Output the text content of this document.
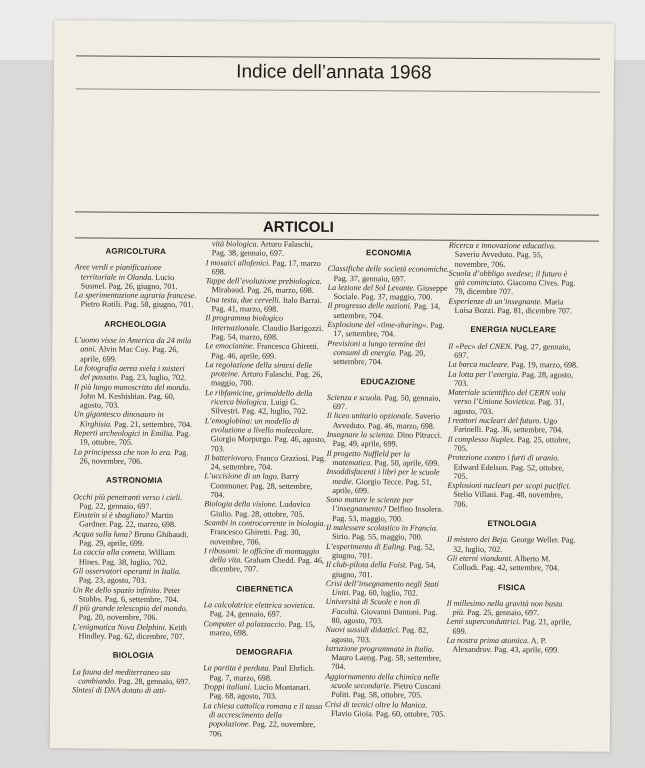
Indice dell’annata 1968
ARTICOLI
AGRICOLTURA

Aree verdi e pianificazione territoriale in Olanda. Lucio Susmel. Pag. 26, giugno, 701.

La sperimentazione agraria francese. Pietro Rotili. Pag. 58, giugno, 701.

ARCHEOLOGIA

L’uomo visse in America da 24 mila anni. Alvin Mac Coy. Pag. 26, aprile, 699.

La fotografia aerea svela i misteri del passato. Pag. 23, luglio, 702.

Il più lungo manoscritto del mondo. John M. Keshishian. Pag. 60, agosto, 703.

Un gigantesco dinosauro in Kirghisia. Pag. 21, settembre, 704.

Reperti archeologici in Emilia. Pag. 19, ottobre, 705.

La principessa che non lo era. Pag. 26, novembre, 706.

ASTRONOMIA

Occhi più penetranti verso i cieli. Pag. 22, gennaio, 697.

Einstein si è sbagliato? Martin Gardner. Pag. 22, marzo, 698.

Acqua sulla luna? Bruno Ghibaudi. Pag. 29, aprile, 699.

La caccia alla cometa. William Hines. Pag. 38, luglio, 702.

Gli osservatori operanti in Italia. Pag. 23, agosto, 703.

Un Re dello spazio infinito. Peter Stubbs. Pag. 6, settembre, 704.

Il più grande telescopio del mondo. Pag. 20, novembre, 706.

L’enigmatica Nova Delphini. Keith Hindley. Pag. 62, dicembre, 707.

BIOLOGIA

La fauna del mediterraneo sta cambiando. Pag. 28, gennaio, 697.

Sintesi di DNA dotato di atti-

vità biologica. Arturo Falaschi, Pag. 38, gennaio, 697.

I mosaici allofenici. Pag. 17, marzo 698.

Tappe dell’evoluzione prebiologica. Mirabaud. Pag. 26, marzo, 698.

Una testa, due cervelli. Italo Barrai. Pag. 41, marzo, 698.

Il programma biologico internazionale. Claudio Barigozzi. Pag. 54, marzo, 698.

Le emocianine. Francesco Ghiretti. Pag. 46, aprile, 699.

La regolazione della sintesi delle proteine. Arturo Falaschi. Pag. 26, maggio, 700.

Le ribfamicine, grimaldello della ricerca biologica. Luigi G. Silvestri. Pag. 42, luglio, 702.

L’emoglobina: un modello di evoluzione a livello molecolare. Giorgio Morpurgo. Pag. 46, agosto, 703.

Il batteriovoro. Franco Graziosi. Pag. 24, settembre, 704.

L’uccisione di un lago. Barry Commoner. Pag. 28, settembre, 704.

Biologia della visione. Ludovico Giulio. Pag. 28, ottobre, 705.

Scambi in controcorrente in biologia. Francesco Ghiretti. Pag. 30, novembre, 706.

I ribosomi: le officine di montaggio della vita. Graham Chedd. Pag. 46, dicembre, 707.

CIBERNETICA

La calcolatrice elettrica sovietica. Pag. 24, gennaio, 697.

Computer al palazzaccio. Pag. 15, marzo, 698.

DEMOGRAFIA

La partita è perduta. Paul Ehrlich. Pag. 7, marzo, 698.

Troppi italiani. Lucio Montanari. Pag. 68, agosto, 703.

La chiesa cattolica romana e il tasso di accrescimento della popolazione. Pag. 22, novembre, 706.

ECONOMIA

Classifiche delle società economiche. Pag. 37, gennaio, 697.

La lezione del Sol Levante. Giuseppe Sociale. Pag. 37, maggio, 700.

Il progresso delle nazioni. Pag. 14, settembre, 704.

Esplosione del «time-sharing». Pag. 17, settembre, 704.

Previsioni a lungo termine dei consumi di energia. Pag. 20, settembre, 704.

EDUCAZIONE

Scienza e scuola. Pag. 50, gennaio, 697.

Il liceo unitario opzionale. Saverio Avveduto. Pag. 46, marzo, 698.

Insegnare la scienza. Dino Pitracci. Pag. 49, aprile, 699.

Il progetto Nuffield per la matematica. Pag. 50, aprile, 699.

Insoddisfacenti i libri per le scuole medie. Giorgio Tecce. Pag. 51, aprile, 699.

Sono mature le scienze per l’insegnamento? Delfino Insolera. Pag. 53, maggio, 700.

Il malessere scolastico in Francia. Sirio. Pag. 55, maggio, 700.

L’esperimento di Ealing. Pag. 52, giugno, 701.

Il club-pilota della Foist. Pag. 54, giugno, 701.

Crisi dell’insegnamento negli Stati Uniti. Pag. 60, luglio, 702.

Università di Scuole e non di Facoltà. Giovanni Dantoni. Pag. 80, agosto, 703.

Nuovi sussidi didattici. Pag. 82, agosto, 703.

Istruzione programmata in Italia. Mauro Laeng. Pag. 58, settembre, 704.

Aggiornamento della chimica nelle scuole secondarie. Pietro Cuscani Politi. Pag. 58, ottobre, 705.

Crisi di tecnici oltre la Manica. Flavio Gioia. Pag. 60, ottobre, 705.

Ricerca e innovazione educativa. Saverio Avveduto. Pag. 55, novembre, 706.

Scuola d’obbligo svedese; il futuro è già cominciato. Giacomo Cives. Pag. 79, dicembre 707.

Esperienze di un’insegnante. Maria Luisa Bozzi. Pag. 81, dicembre 707.

ENERGIA NUCLEARE

Il «Pec» del CNEN. Pag. 27, gennaio, 697.

La barca nucleare. Pag. 19, marzo, 698.

La lotta per l’energia. Pag. 28, agosto, 703.

Materiale scientifico del CERN vola verso l’Unione Sovietica. Pag. 31, agosto, 703.

I reattori nucleari del futuro. Ugo Farinelli. Pag. 36, settembre, 704.

Il complesso Nuplex. Pag. 25, ottobre, 705.

Protezione contro i furti di uranio. Edward Edelson. Pag. 52, ottobre, 705.

Esplosioni nucleari per scopi pacifici. Stelio Villani. Pag. 48, novembre, 706.

ETNOLOGIA

Il mistero dei Beja. George Weller. Pag. 32, luglio, 702.

Gli eterni viandanti. Alberto M. Collodi. Pag. 42, settembre, 704.

FISICA

Il millesimo nella gravità non basta più. Pag. 25, gennaio, 697.

Lenti superconduttrici. Pag. 21, aprile, 699.

La nostra prima atomica. A. P. Alexandrov. Pag. 43, aprile, 699.
